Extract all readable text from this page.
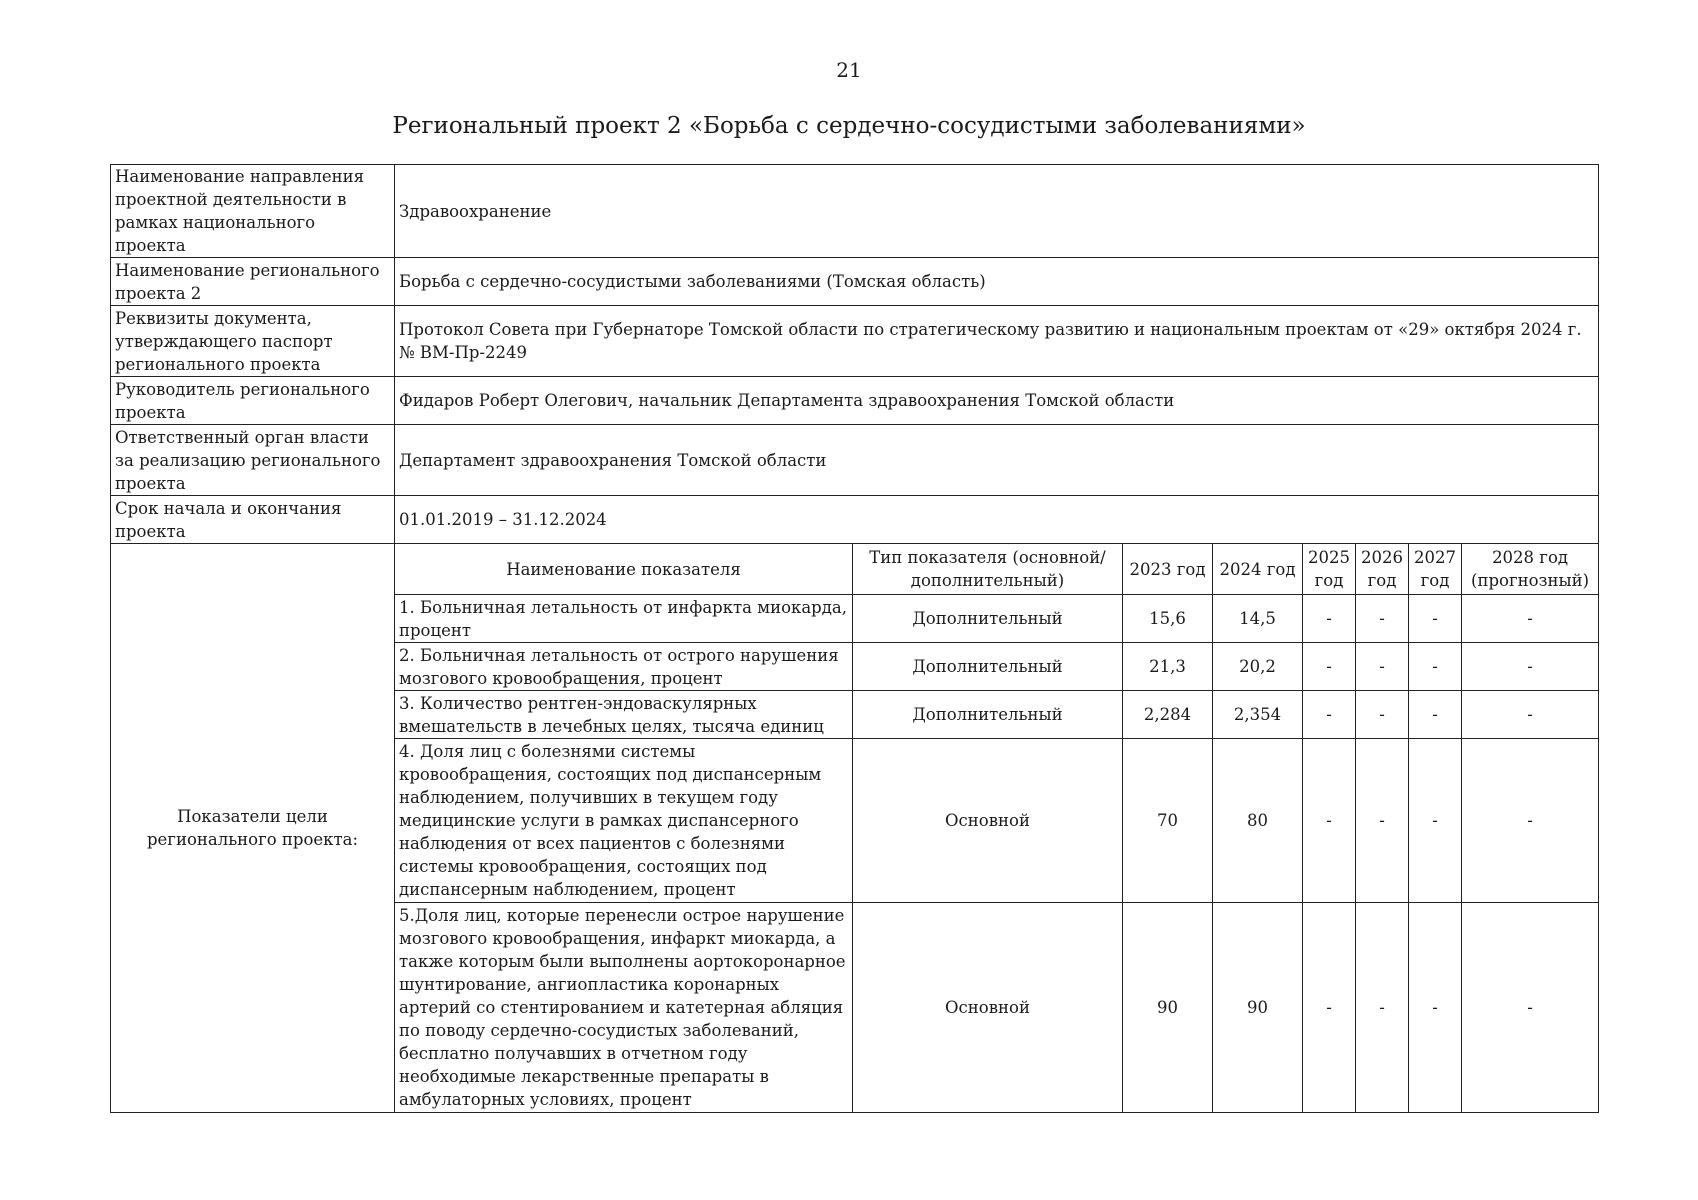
21
Региональный проект 2 «Борьба с сердечно-сосудистыми заболеваниями»
Наименование направления проектной деятельности в рамках национального проекта	Здравоохранение							
Наименование регионального проекта 2	Борьба с сердечно-сосудистыми заболеваниями (Томская область)							
Реквизиты документа, утверждающего паспорт регионального проекта	Протокол Совета при Губернаторе Томской области по стратегическому развитию и национальным проектам от «29» октября 2024 г. № ВМ-Пр-2249							
Руководитель регионального проекта	Фидаров Роберт Олегович, начальник Департамента здравоохранения Томской области							
Ответственный орган власти за реализацию регионального проекта	Департамент здравоохранения Томской области							
Срок начала и окончания проекта	01.01.2019 – 31.12.2024							
Показатели цели регионального проекта:	Наименование показателя	Тип показателя (основной/дополнительный)	2023 год	2024 год	2025 год	2026 год	2027 год	2028 год (прогнозный)
	1. Больничная летальность от инфаркта миокарда, процент	Дополнительный	15,6	14,5	-	-	-	-
	2. Больничная летальность от острого нарушения мозгового кровообращения, процент	Дополнительный	21,3	20,2	-	-	-	-
	3. Количество рентген-эндоваскулярных вмешательств в лечебных целях, тысяча единиц	Дополнительный	2,284	2,354	-	-	-	-
	4. Доля лиц с болезнями системы кровообращения, состоящих под диспансерным наблюдением, получивших в текущем году медицинские услуги в рамках диспансерного наблюдения от всех пациентов с болезнями системы кровообращения, состоящих под диспансерным наблюдением, процент	Основной	70	80	-	-	-	-
	5.Доля лиц, которые перенесли острое нарушение мозгового кровообращения, инфаркт миокарда, а также которым были выполнены аортокоронарное шунтирование, ангиопластика коронарных артерий со стентированием и катетерная абляция по поводу сердечно-сосудистых заболеваний, бесплатно получавших в отчетном году необходимые лекарственные препараты в амбулаторных условиях, процент	Основной	90	90	-	-	-	-
